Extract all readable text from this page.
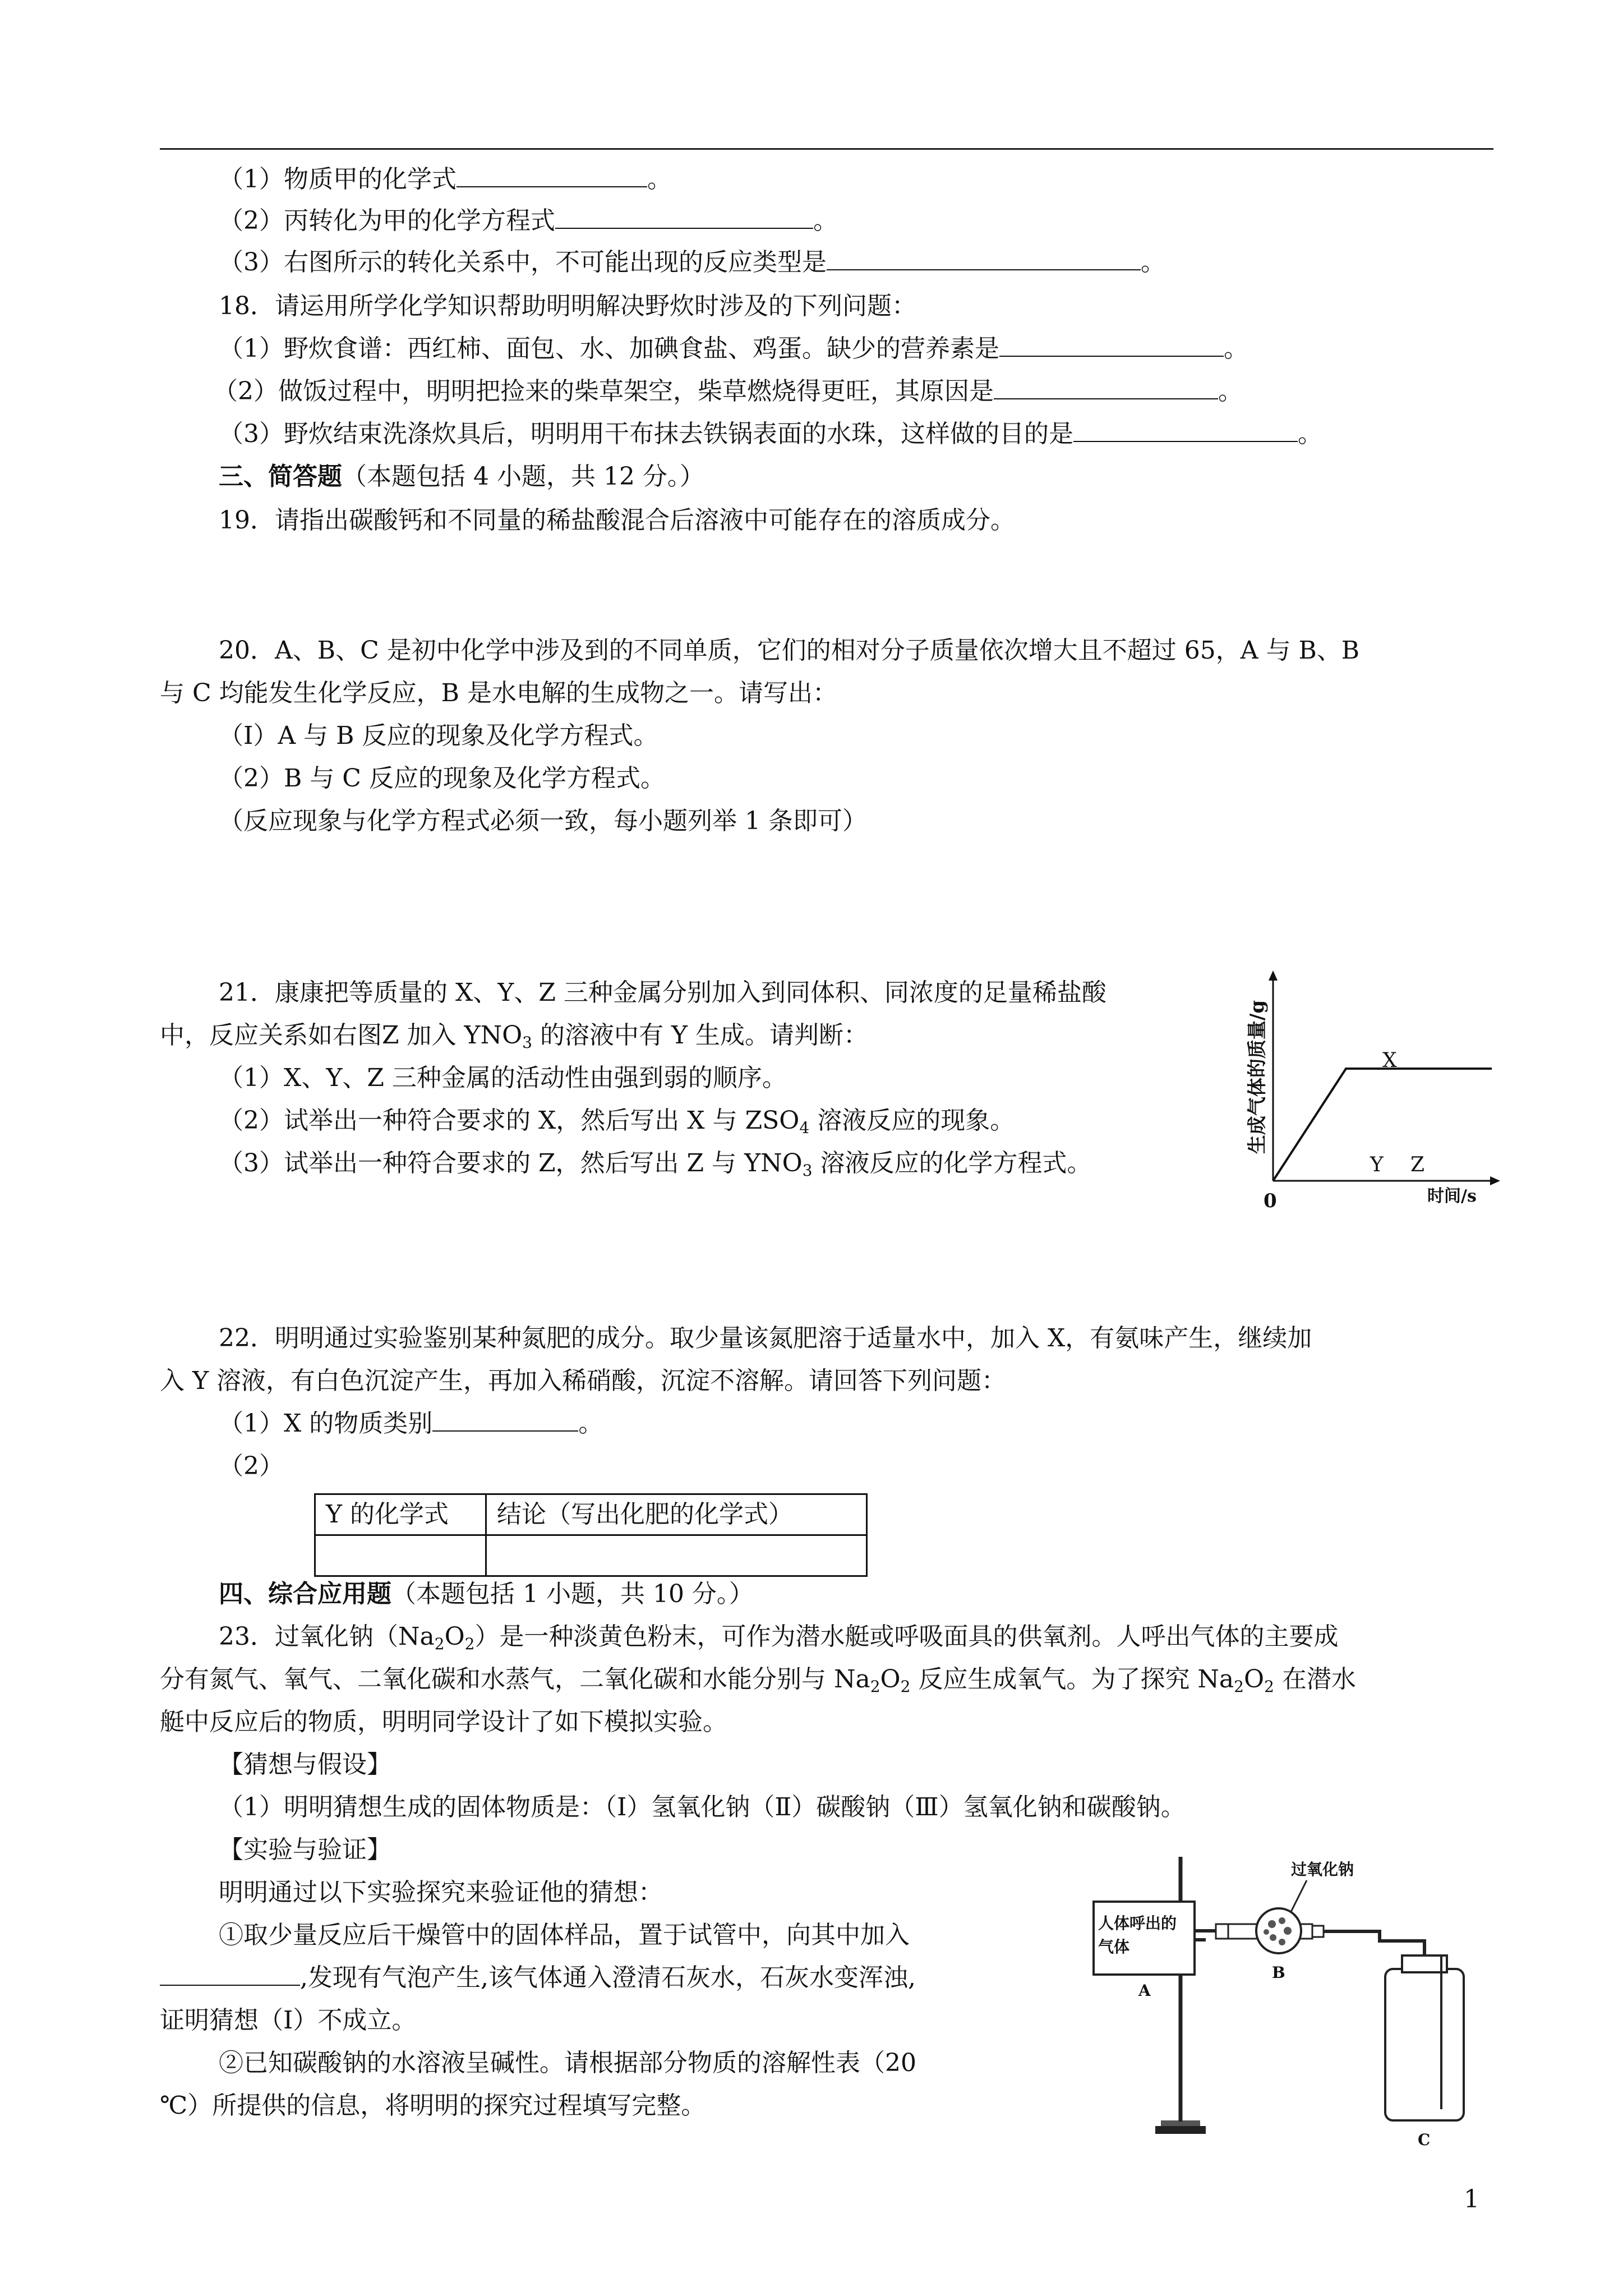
（1）物质甲的化学式	。
（2）丙转化为甲的化学方程式	。
（3）右图所示的转化关系中，不可能出现的反应类型是	。
18．请运用所学化学知识帮助明明解决野炊时涉及的下列问题：
（1）野炊食谱：西红柿、面包、水、加碘食盐、鸡蛋。缺少的营养素是	。
（2）做饭过程中，明明把捡来的柴草架空，柴草燃烧得更旺，其原因是	。
（3）野炊结束洗涤炊具后，明明用干布抹去铁锅表面的水珠，这样做的目的是	。
三、简答题（本题包括 4 小题，共 12 分。）
19．请指出碳酸钙和不同量的稀盐酸混合后溶液中可能存在的溶质成分。
20．A、B、C 是初中化学中涉及到的不同单质，它们的相对分子质量依次增大且不超过 65，A 与 B、B
与 C 均能发生化学反应，B 是水电解的生成物之一。请写出：
（I）A 与 B 反应的现象及化学方程式。
（2）B 与 C 反应的现象及化学方程式。
（反应现象与化学方程式必须一致，每小题列举 1 条即可）
21．康康把等质量的 X、Y、Z 三种金属分别加入到同体积、同浓度的足量稀盐酸
中，反应关系如右图Z 加入 $YNO_3$ 的溶液中有 Y 生成。请判断：
（1）X、Y、Z 三种金属的活动性由强到弱的顺序。
（2）试举出一种符合要求的 X，然后写出 X 与 $ZSO_4$ 溶液反应的现象。
（3）试举出一种符合要求的 Z，然后写出 Z 与 $YNO_3$ 溶液反应的化学方程式。
生成气体的质量/g
时间/s
0
X
Y Z
22．明明通过实验鉴别某种氮肥的成分。取少量该氮肥溶于适量水中，加入 X，有氨味产生，继续加
入 Y 溶液，有白色沉淀产生，再加入稀硝酸，沉淀不溶解。请回答下列问题：
（1）X 的物质类别	。
（2）
Y 的化学式	结论（写出化肥的化学式）

四、综合应用题（本题包括 1 小题，共 10 分。）
23．过氧化钠$(Na_2O_2)$是一种淡黄色粉末，可作为潜水艇或呼吸面具的供氧剂。人呼出气体的主要成
分有氮气、氧气、二氧化碳和水蒸气，二氧化碳和水能分别与 $Na_2O_2$ 反应生成氧气。为了探究 $Na_2O_2$ 在潜水
艇中反应后的物质，明明同学设计了如下模拟实验。
【猜想与假设】
（1）明明猜想生成的固体物质是：（I）氢氧化钠（Ⅱ）碳酸钠（Ⅲ）氢氧化钠和碳酸钠。
【实验与验证】
明明通过以下实验探究来验证他的猜想：
①取少量反应后干燥管中的固体样品，置于试管中，向其中加入
,发现有气泡产生,该气体通入澄清石灰水，石灰水变浑浊,
证明猜想（I）不成立。
②已知碳酸钠的水溶液呈碱性。请根据部分物质的溶解性表（20
℃）所提供的信息，将明明的探究过程填写完整。
人体呼出的
气体
A
过氧化钠
B
C
1
